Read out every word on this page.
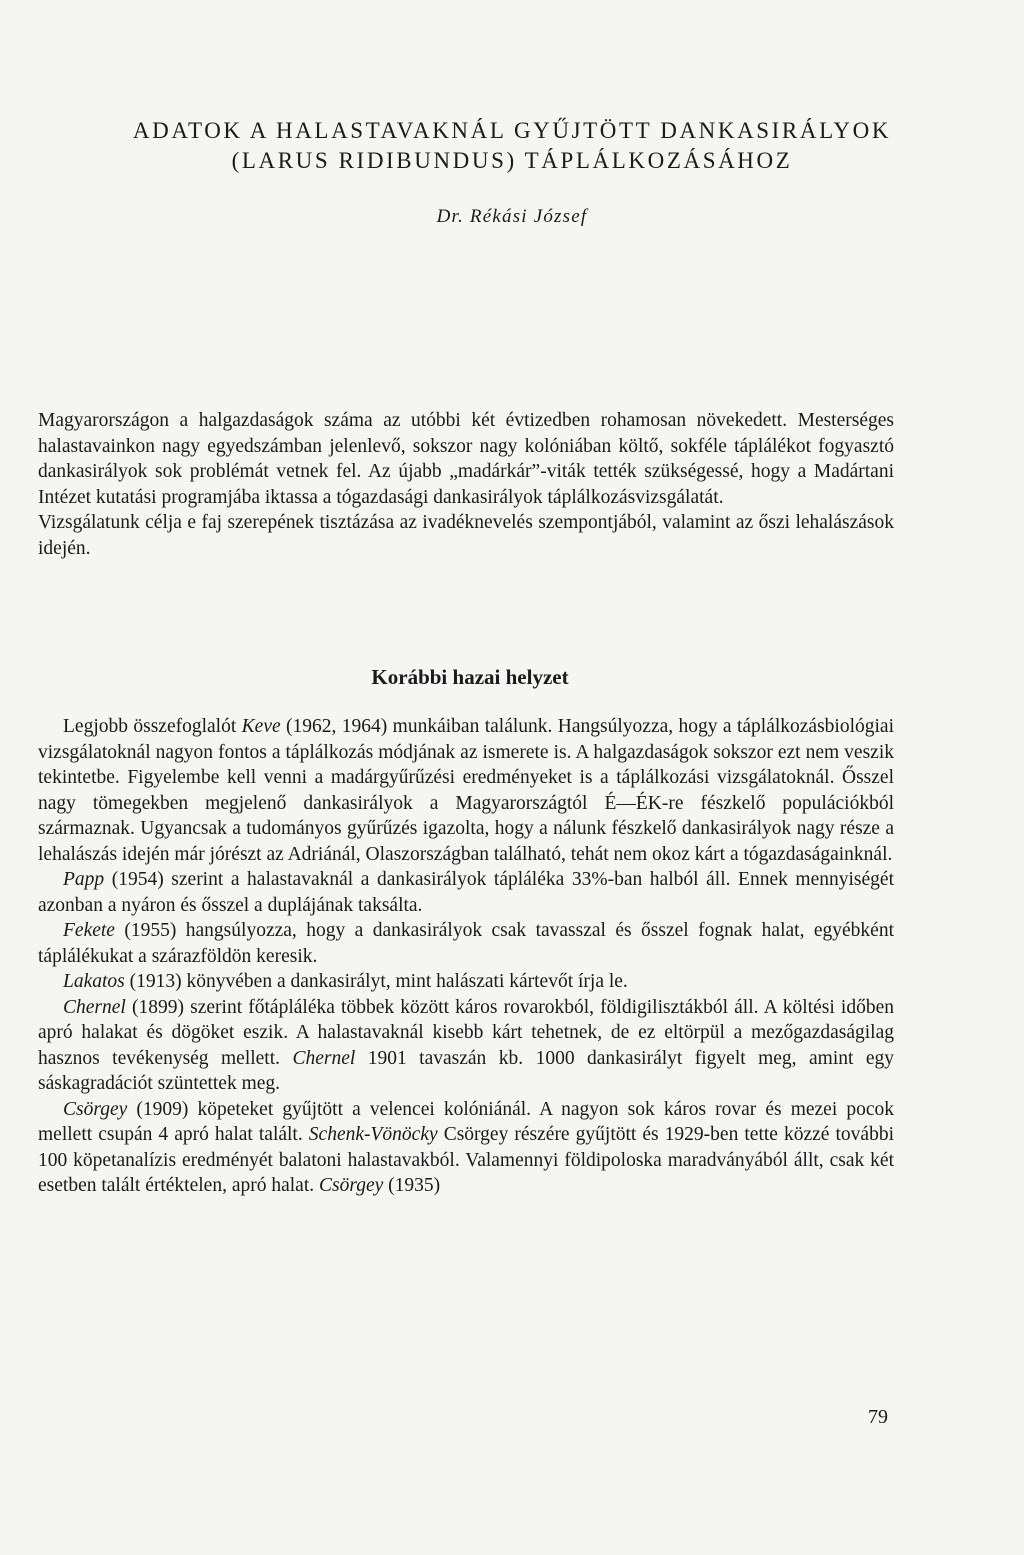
ADATOK A HALASTAVAKNÁL GYŰJTÖTT DANKASIRÁLYOK
(LARUS RIDIBUNDUS) TÁPLÁLKOZÁSÁHOZ
Dr. Rékási József

Magyarországon a halgazdaságok száma az utóbbi két évtizedben rohamosan növekedett. Mesterséges halastavainkon nagy egyedszámban jelenlevő, sokszor nagy kolóniában költő, sokféle táplálékot fogyasztó dankasirályok sok problémát vetnek fel. Az újabb „madárkár”-viták tették szükségessé, hogy a Madártani Intézet kutatási programjába iktassa a tógazdasági dankasirályok táplálkozásvizsgálatát.

Vizsgálatunk célja e faj szerepének tisztázása az ivadéknevelés szempontjából, valamint az őszi lehalászások idején.

Korábbi hazai helyzet

Legjobb összefoglalót Keve (1962, 1964) munkáiban találunk. Hangsúlyozza, hogy a táplálkozásbiológiai vizsgálatoknál nagyon fontos a táplálkozás módjának az ismerete is. A halgazdaságok sokszor ezt nem veszik tekintetbe. Figyelembe kell venni a madárgyűrűzési eredményeket is a táplálkozási vizsgálatoknál. Ősszel nagy tömegekben megjelenő dankasirályok a Magyarországtól É—ÉK-re fészkelő populációkból származnak. Ugyancsak a tudományos gyűrűzés igazolta, hogy a nálunk fészkelő dankasirályok nagy része a lehalászás idején már jórészt az Adriánál, Olaszországban található, tehát nem okoz kárt a tógazdaságainknál.

Papp (1954) szerint a halastavaknál a dankasirályok tápláléka 33%-ban halból áll. Ennek mennyiségét azonban a nyáron és ősszel a duplájának taksálta.

Fekete (1955) hangsúlyozza, hogy a dankasirályok csak tavasszal és ősszel fognak halat, egyébként táplálékukat a szárazföldön keresik.

Lakatos (1913) könyvében a dankasirályt, mint halászati kártevőt írja le.

Chernel (1899) szerint főtápláléka többek között káros rovarokból, földigilisztákból áll. A költési időben apró halakat és dögöket eszik. A halastavaknál kisebb kárt tehetnek, de ez eltörpül a mezőgazdaságilag hasznos tevékenység mellett. Chernel 1901 tavaszán kb. 1000 dankasirályt figyelt meg, amint egy sáskagradációt szüntettek meg.

Csörgey (1909) köpeteket gyűjtött a velencei kolóniánál. A nagyon sok káros rovar és mezei pocok mellett csupán 4 apró halat talált. Schenk-Vönöcky Csörgey részére gyűjtött és 1929-ben tette közzé további 100 köpetanalízis eredményét balatoni halastavakból. Valamennyi földipoloska maradványából állt, csak két esetben talált értéktelen, apró halat. Csörgey (1935)

79
